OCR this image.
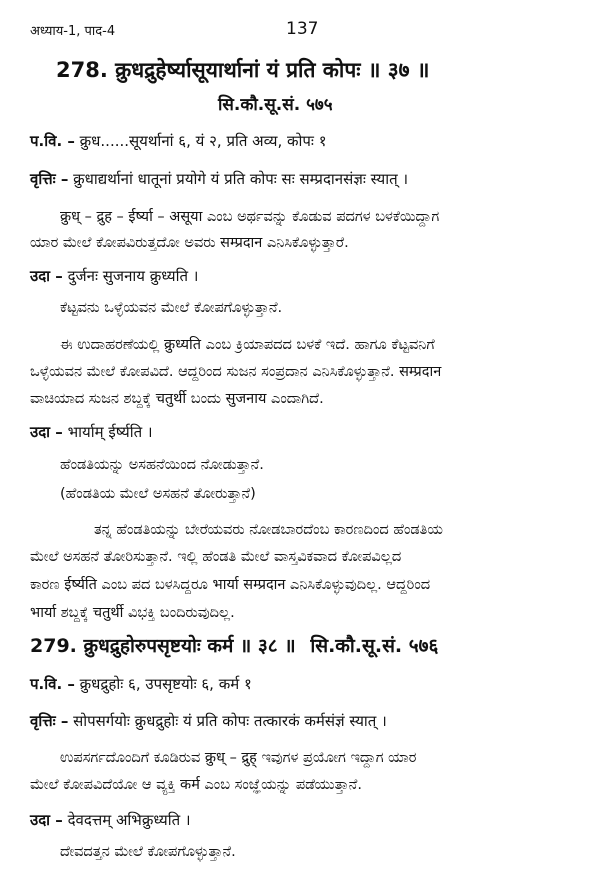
अध्याय-1, पाद-4	137
278. क्रुधद्रुहेर्ष्यासूयार्थानां यं प्रति कोपः ॥ ३७ ॥
सि.कौ.सू.सं. ५७५
प.वि. – क्रुध......सूयर्थानां ६, यं २, प्रति अव्य, कोपः १
वृत्तिः – क्रुधाद्यर्थानां धातूनां प्रयोगे यं प्रति कोपः सः सम्प्रदानसंज्ञः स्यात् ।
क्रुध् – द्रुह – ईर्ष्या – असूया ಎಂಬ ಅರ್ಥವನ್ನು ಕೊಡುವ ಪದಗಳ ಬಳಕೆಯಿದ್ದಾಗ
ಯಾರ ಮೇಲೆ ಕೋಪವಿರುತ್ತದೋ ಅವರು सम्प्रदान ಎನಿಸಿಕೊಳ್ಳುತ್ತಾರೆ.
उदा – दुर्जनः सुजनाय क्रुध्यति ।
ಕೆಟ್ಟವನು ಒಳ್ಳೆಯವನ ಮೇಲೆ ಕೋಪಗೊಳ್ಳುತ್ತಾನೆ.
ಈ ಉದಾಹರಣೆಯಲ್ಲಿ क्रुध्यति ಎಂಬ ಕ್ರಿಯಾಪದದ ಬಳಕೆ ಇದೆ. ಹಾಗೂ ಕೆಟ್ಟವನಿಗೆ
ಒಳ್ಳೆಯವನ ಮೇಲೆ ಕೋಪವಿದೆ. ಆದ್ದರಿಂದ ಸುಜನ ಸಂಪ್ರದಾನ ಎನಿಸಿಕೊಳ್ಳುತ್ತಾನೆ. सम्प्रदान
ವಾಚಿಯಾದ ಸುಜನ ಶಬ್ದಕ್ಕೆ चतुर्थी ಬಂದು सुजनाय ಎಂದಾಗಿದೆ.
उदा – भार्याम् ईर्ष्यति ।
ಹೆಂಡತಿಯನ್ನು ಅಸಹನೆಯಿಂದ ನೋಡುತ್ತಾನೆ.
(ಹೆಂಡತಿಯ ಮೇಲೆ ಅಸಹನೆ ತೋರುತ್ತಾನೆ)
ತನ್ನ ಹೆಂಡತಿಯನ್ನು ಬೇರೆಯವರು ನೋಡಬಾರದೆಂಬ ಕಾರಣದಿಂದ ಹೆಂಡತಿಯ
ಮೇಲೆ ಅಸಹನೆ ತೋರಿಸುತ್ತಾನೆ. ಇಲ್ಲಿ ಹೆಂಡತಿ ಮೇಲೆ ವಾಸ್ತವಿಕವಾದ ಕೋಪವಿಲ್ಲದ
ಕಾರಣ ईर्ष्यति ಎಂಬ ಪದ ಬಳಸಿದ್ದರೂ भार्या सम्प्रदान ಎನಿಸಿಕೊಳ್ಳುವುದಿಲ್ಲ. ಆದ್ದರಿಂದ
भार्या ಶಬ್ದಕ್ಕೆ चतुर्थी ವಿಭಕ್ತಿ ಬಂದಿರುವುದಿಲ್ಲ.
279. क्रुधद्रुहोरुपसृष्टयोः कर्म ॥ ३८ ॥ सि.कौ.सू.सं. ५७६
प.वि. – क्रुधद्रुहोः ६, उपसृष्टयोः ६, कर्म १
वृत्तिः – सोपसर्गयोः क्रुधद्रुहोः यं प्रति कोपः तत्कारकं कर्मसंज्ञं स्यात् ।
ಉಪಸರ್ಗದೊಂದಿಗೆ ಕೂಡಿರುವ क्रुध् – द्रुह् ಇವುಗಳ ಪ್ರಯೋಗ ಇದ್ದಾಗ ಯಾರ
ಮೇಲೆ ಕೋಪವಿದೆಯೋ ಆ ವ್ಯಕ್ತಿ कर्म ಎಂಬ ಸಂಜ್ಞೆಯನ್ನು ಪಡೆಯುತ್ತಾನೆ.
उदा – देवदत्तम् अभिक्रुध्यति ।
ದೇವದತ್ತನ ಮೇಲೆ ಕೋಪಗೊಳ್ಳುತ್ತಾನೆ.
